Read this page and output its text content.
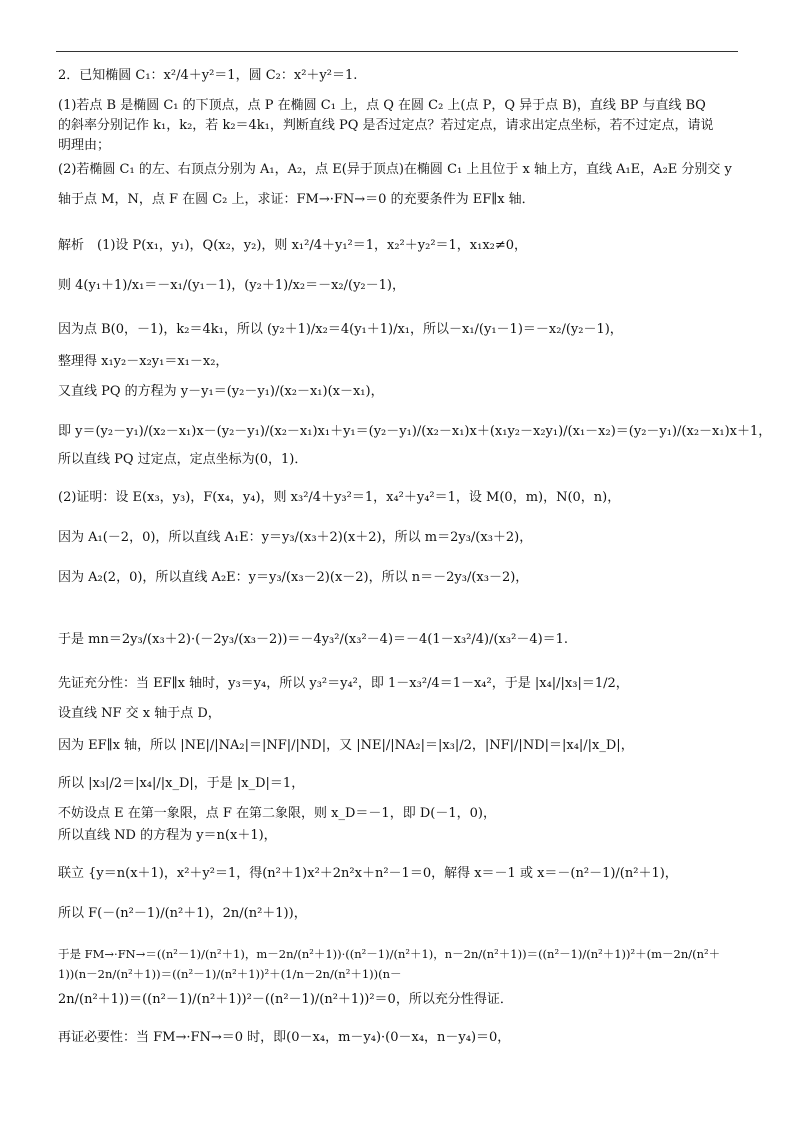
2．已知椭圆 C₁：x²/4＋y²＝1，圆 C₂：x²＋y²＝1.
(1)若点 B 是椭圆 C₁ 的下顶点，点 P 在椭圆 C₁ 上，点 Q 在圆 C₂ 上(点 P，Q 异于点 B)，直线 BP 与直线 BQ 的斜率分别记作 k₁，k₂，若 k₂＝4k₁，判断直线 PQ 是否过定点？若过定点，请求出定点坐标，若不过定点，请说明理由；
(2)若椭圆 C₁ 的左、右顶点分别为 A₁，A₂，点 E(异于顶点)在椭圆 C₁ 上且位于 x 轴上方，直线 A₁E，A₂E 分别交 y
轴于点 M，N，点 F 在圆 C₂ 上，求证：FM→·FN→＝0 的充要条件为 EF∥x 轴．
解析　(1)设 P(x₁，y₁)，Q(x₂，y₂)，则 x₁²/4＋y₁²＝1，x₂²＋y₂²＝1，x₁x₂≠0，
则 4(y₁＋1)/x₁＝－x₁/(y₁－1)，(y₂＋1)/x₂＝－x₂/(y₂－1)，
因为点 B(0，－1)，k₂＝4k₁，所以 (y₂＋1)/x₂＝4(y₁＋1)/x₁，所以－x₁/(y₁－1)＝－x₂/(y₂－1)，
整理得 x₁y₂－x₂y₁＝x₁－x₂，
又直线 PQ 的方程为 y－y₁＝(y₂－y₁)/(x₂－x₁)(x－x₁)，
即 y＝(y₂－y₁)/(x₂－x₁)x－(y₂－y₁)/(x₂－x₁)x₁＋y₁＝(y₂－y₁)/(x₂－x₁)x＋(x₁y₂－x₂y₁)/(x₁－x₂)＝(y₂－y₁)/(x₂－x₁)x＋1，
所以直线 PQ 过定点，定点坐标为(0，1)．
(2)证明：设 E(x₃，y₃)，F(x₄，y₄)，则 x₃²/4＋y₃²＝1，x₄²＋y₄²＝1，设 M(0，m)，N(0，n)，
因为 A₁(－2，0)，所以直线 A₁E：y＝y₃/(x₃＋2)(x＋2)，所以 m＝2y₃/(x₃＋2)，
因为 A₂(2，0)，所以直线 A₂E：y＝y₃/(x₃－2)(x－2)，所以 n＝－2y₃/(x₃－2)，
于是 mn＝2y₃/(x₃＋2)·(－2y₃/(x₃－2))＝－4y₃²/(x₃²－4)＝－4(1－x₃²/4)/(x₃²－4)＝1.
先证充分性：当 EF∥x 轴时，y₃＝y₄，所以 y₃²＝y₄²，即 1－x₃²/4＝1－x₄²，于是 |x₄|/|x₃|＝1/2，
设直线 NF 交 x 轴于点 D，
因为 EF∥x 轴，所以 |NE|/|NA₂|＝|NF|/|ND|，又 |NE|/|NA₂|＝|x₃|/2，|NF|/|ND|＝|x₄|/|x_D|，
所以 |x₃|/2＝|x₄|/|x_D|，于是 |x_D|＝1，
不妨设点 E 在第一象限，点 F 在第二象限，则 x_D＝－1，即 D(－1，0)，
所以直线 ND 的方程为 y＝n(x＋1)，
联立 {y＝n(x＋1)，x²＋y²＝1，得(n²＋1)x²＋2n²x＋n²－1＝0，解得 x＝－1 或 x＝－(n²－1)/(n²＋1)，
所以 F(－(n²－1)/(n²＋1)，2n/(n²＋1))，
于是 FM→·FN→＝((n²－1)/(n²＋1)，m－2n/(n²＋1))·((n²－1)/(n²＋1)，n－2n/(n²＋1))＝((n²－1)/(n²＋1))²＋(m－2n/(n²＋1))(n－2n/(n²＋1))＝((n²－1)/(n²＋1))²＋(1/n－2n/(n²＋1))(n－
2n/(n²＋1))＝((n²－1)/(n²＋1))²－((n²－1)/(n²＋1))²＝0，所以充分性得证．
再证必要性：当 FM→·FN→＝0 时，即(0－x₄，m－y₄)·(0－x₄，n－y₄)＝0，
